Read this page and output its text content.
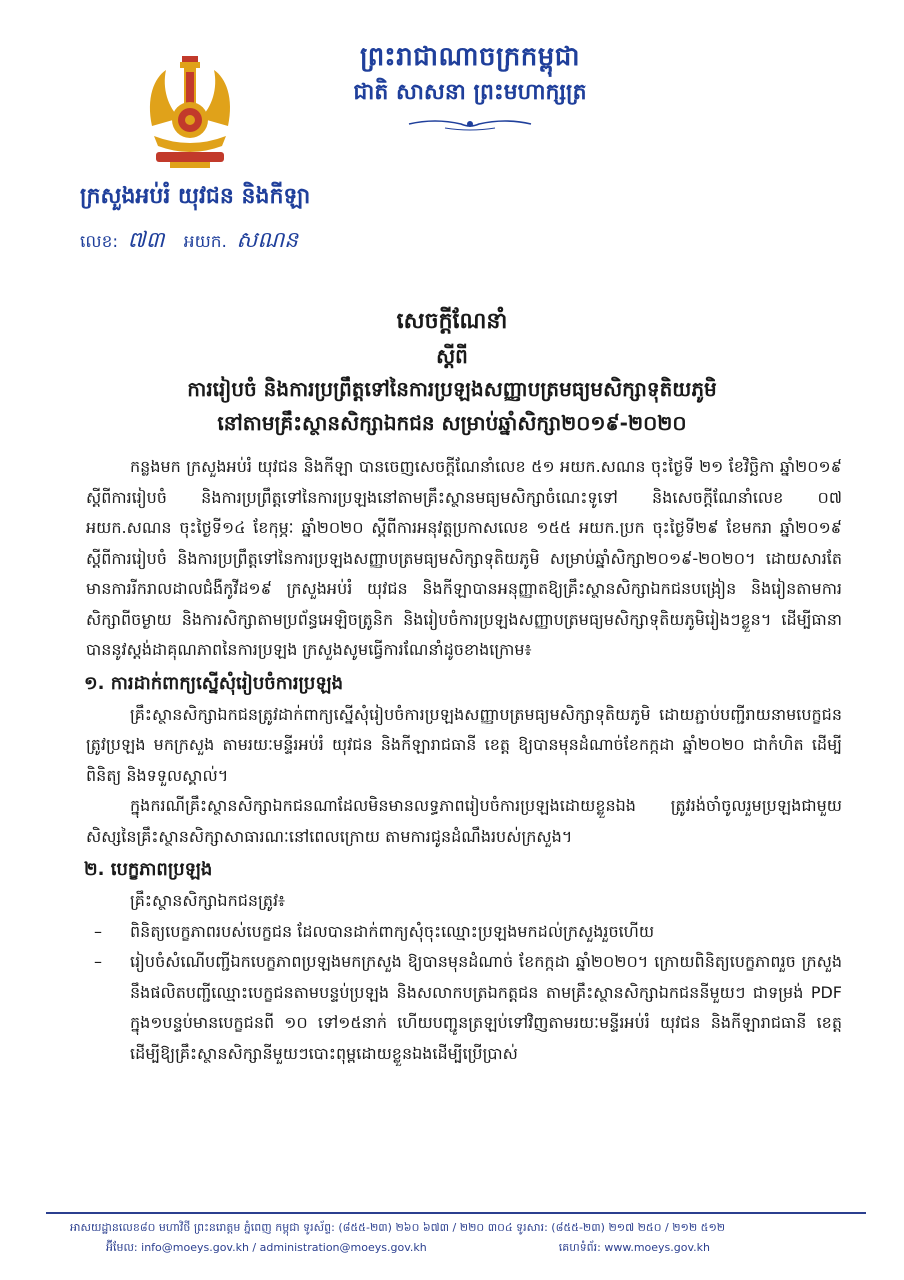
ព្រះរាជាណាចក្រកម្ពុជា
ជាតិ សាសនា ព្រះមហាក្សត្រ
ក្រសួងអប់រំ យុវជន និងកីឡា
លេខ: ៧៣ អយក. សណន
សេចក្តីណែនាំ
ស្តីពី
ការរៀបចំ និងការប្រព្រឹត្តទៅនៃការប្រឡងសញ្ញាបត្រមធ្យមសិក្សាទុតិយភូមិ
នៅតាមគ្រឹះស្ថានសិក្សាឯកជន សម្រាប់ឆ្នាំសិក្សា២០១៩-២០២០

កន្លងមក ក្រសួងអប់រំ យុវជន និងកីឡា បានចេញសេចក្តីណែនាំលេខ ៥១ អយក.សណន ចុះថ្ងៃទី ២១ ខែវិច្ឆិកា ឆ្នាំ២០១៩ ស្តីពីការរៀបចំ និងការប្រព្រឹត្តទៅនៃការប្រឡងនៅតាមគ្រឹះស្ថានមធ្យមសិក្សាចំណេះទូទៅ និងសេចក្តីណែនាំលេខ ០៧ អយក.សណន ចុះថ្ងៃទី១៤ ខែកុម្ភៈ ឆ្នាំ២០២០ ស្តីពីការអនុវត្តប្រកាសលេខ ១៥៥ អយក.ប្រក ចុះថ្ងៃទី២៩ ខែមករា ឆ្នាំ២០១៩ ស្តីពីការរៀបចំ និងការប្រព្រឹត្តទៅនៃការប្រឡងសញ្ញាបត្រមធ្យមសិក្សាទុតិយភូមិ សម្រាប់ឆ្នាំសិក្សា២០១៩-២០២០។ ដោយសារតែមានការរីករាលដាលជំងឺកូវីដ១៩ ក្រសួងអប់រំ យុវជន និងកីឡាបានអនុញ្ញាតឱ្យគ្រឹះស្ថានសិក្សាឯកជនបង្រៀន និងរៀនតាមការសិក្សាពីចម្ងាយ និងការសិក្សាតាមប្រព័ន្ធអេឡិចត្រូនិក និងរៀបចំការប្រឡងសញ្ញាបត្រមធ្យមសិក្សាទុតិយភូមិរៀងៗខ្លួន។ ដើម្បីធានាបាននូវស្តង់ដាគុណភាពនៃការប្រឡង ក្រសួងសូមធ្វើការណែនាំដូចខាងក្រោម៖

១. ការដាក់ពាក្យស្នើសុំរៀបចំការប្រឡង

គ្រឹះស្ថានសិក្សាឯកជនត្រូវដាក់ពាក្យស្នើសុំរៀបចំការប្រឡងសញ្ញាបត្រមធ្យមសិក្សាទុតិយភូមិ ដោយភ្ជាប់បញ្ជីរាយនាមបេក្ខជនត្រូវប្រឡង មកក្រសួង តាមរយៈមន្ទីរអប់រំ យុវជន និងកីឡារាជធានី ខេត្ត ឱ្យបានមុនដំណាច់ខែកក្កដា ឆ្នាំ២០២០ ជាកំហិត ដើម្បីពិនិត្យ និងទទួលស្គាល់។

ក្នុងករណីគ្រឹះស្ថានសិក្សាឯកជនណាដែលមិនមានលទ្ធភាពរៀបចំការប្រឡងដោយខ្លួនឯង ត្រូវរង់ចាំចូលរួមប្រឡងជាមួយសិស្សនៃគ្រឹះស្ថានសិក្សាសាធារណៈនៅពេលក្រោយ តាមការជូនដំណឹងរបស់ក្រសួង។

២. បេក្ខភាពប្រឡង

គ្រឹះស្ថានសិក្សាឯកជនត្រូវ៖

–	ពិនិត្យបេក្ខភាពរបស់បេក្ខជន ដែលបានដាក់ពាក្យសុំចុះឈ្មោះប្រឡងមកដល់ក្រសួងរួចហើយ
–	រៀបចំសំណើបញ្ជីឯកបេក្ខភាពប្រឡងមកក្រសួង ឱ្យបានមុនដំណាច់ ខែកក្កដា ឆ្នាំ២០២០។ ក្រោយពិនិត្យបេក្ខភាពរួច ក្រសួងនឹងផលិតបញ្ជីឈ្មោះបេក្ខជនតាមបន្ទប់ប្រឡង និងសលាកបត្រឯកត្តជន តាមគ្រឹះស្ថានសិក្សាឯកជននីមួយៗ ជាទម្រង់ PDF ក្នុង១បន្ទប់មានបេក្ខជនពី ១០ ទៅ១៥នាក់ ហើយបញ្ជូនត្រឡប់ទៅវិញតាមរយៈមន្ទីរអប់រំ យុវជន និងកីឡារាជធានី ខេត្ត ដើម្បីឱ្យគ្រឹះស្ថានសិក្សានីមួយៗបោះពុម្ពដោយខ្លួនឯងដើម្បីប្រើប្រាស់
អាសយដ្ឋានលេខ៨០ មហាវិថី ព្រះនរោត្តម ភ្នំពេញ កម្ពុជា ទូរស័ព្ទ: (៨៥៥-២៣) ២៦០ ៦៧៣ / ២២០ ៣០៤ ទូរសារ: (៨៥៥-២៣) ២១៧ ២៥០ / ២១២ ៥១២
អ៊ីមែល: info@moeys.gov.kh / administration@moeys.gov.kh	គេហទំព័រ: www.moeys.gov.kh
